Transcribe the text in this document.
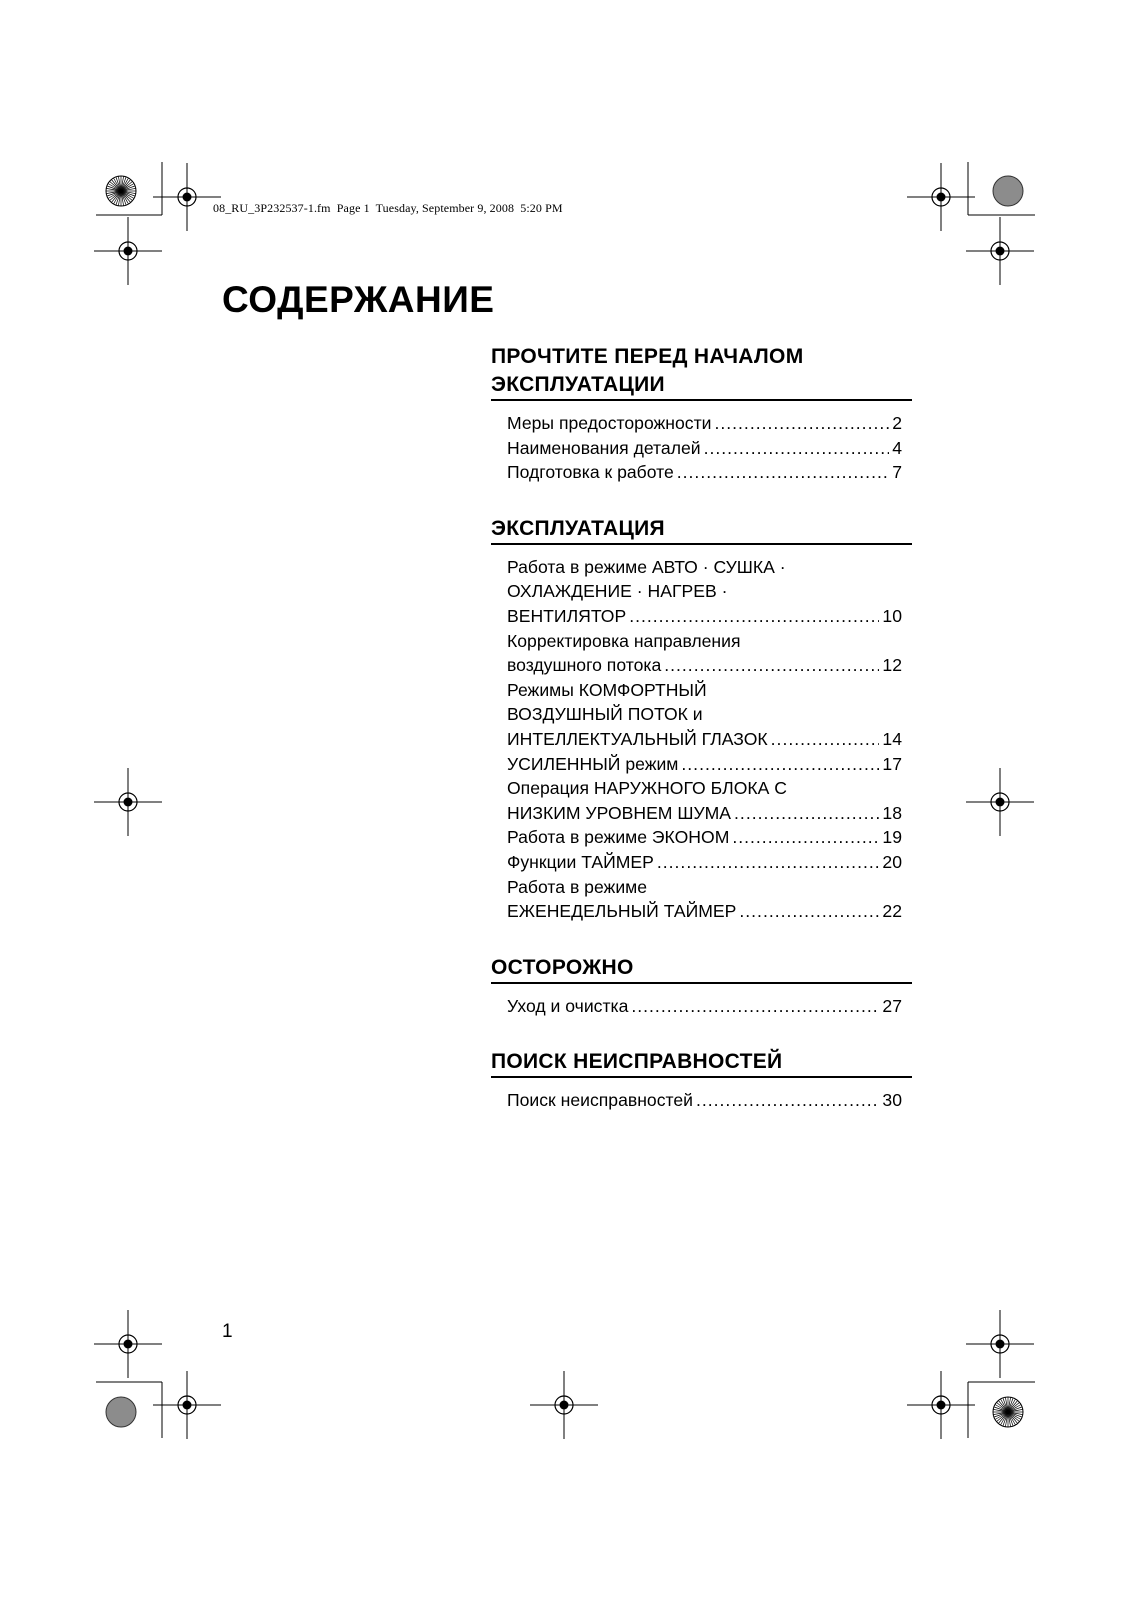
08_RU_3P232537-1.fm  Page 1  Tuesday, September 9, 2008  5:20 PM
СОДЕРЖАНИЕ
ПРОЧТИТЕ ПЕРЕД НАЧАЛОМ
ЭКСПЛУАТАЦИИ
Меры предосторожности .....	2
Наименования деталей .....	4
Подготовка к работе .....	7
ЭКСПЛУАТАЦИЯ
Работа в режиме АВТО · СУШКА ·
ОХЛАЖДЕНИЕ · НАГРЕВ ·
ВЕНТИЛЯТОР .....	10
Корректировка направления
воздушного потока .....	12
Режимы КОМФОРТНЫЙ
ВОЗДУШНЫЙ ПОТОК и
ИНТЕЛЛЕКТУАЛЬНЫЙ ГЛАЗОК .....	14
УСИЛЕННЫЙ режим .....	17
Операция НАРУЖНОГО БЛОКА С
НИЗКИМ УРОВНЕМ ШУМА .....	18
Работа в режиме ЭКОНОМ .....	19
Функции ТАЙМЕР .....	20
Работа в режиме
ЕЖЕНЕДЕЛЬНЫЙ ТАЙМЕР .....	22
ОСТОРОЖНО
Уход и очистка .....	27
ПОИСК НЕИСПРАВНОСТЕЙ
Поиск неисправностей .....	30
1
